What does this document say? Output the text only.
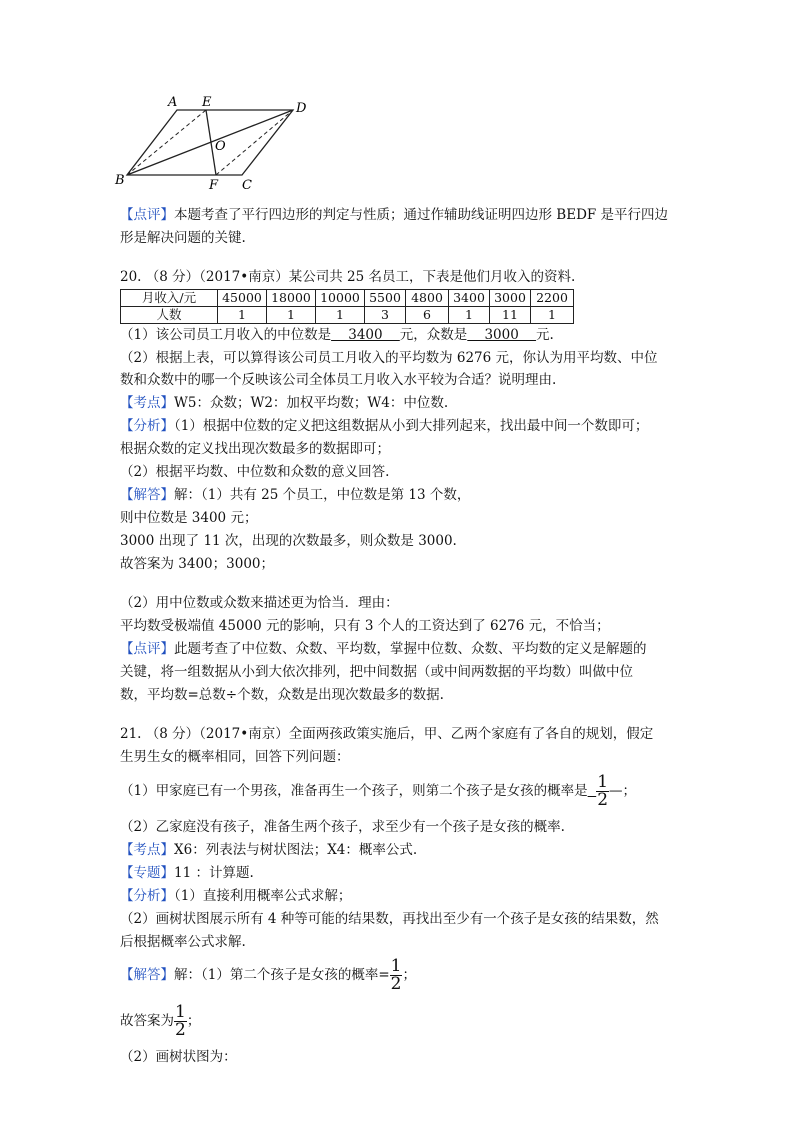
A E	D
O
B	F C
【点评】本题考查了平行四边形的判定与性质；通过作辅助线证明四边形 BEDF 是平行四边
形是解决问题的关键.
20. （8 分）（2017•南京）某公司共 25 名员工，下表是他们月收入的资料.
月收入/元	45000	18000	10000	5500	4800	3400	3000	2200
人数	1	1	1	3	6	1	11	1
（1）该公司员工月收入的中位数是    3400    元，众数是    3000    元.
（2）根据上表，可以算得该公司员工月收入的平均数为 6276 元，你认为用平均数、中位
数和众数中的哪一个反映该公司全体员工月收入水平较为合适？说明理由.
【考点】W5：众数；W2：加权平均数；W4：中位数.
【分析】（1）根据中位数的定义把这组数据从小到大排列起来，找出最中间一个数即可；
根据众数的定义找出现次数最多的数据即可；
（2）根据平均数、中位数和众数的意义回答.
【解答】解：（1）共有 25 个员工，中位数是第 13 个数，
则中位数是 3400 元；
3000 出现了 11 次，出现的次数最多，则众数是 3000.
故答案为 3400；3000；
（2）用中位数或众数来描述更为恰当．理由：
平均数受极端值 45000 元的影响，只有 3 个人的工资达到了 6276 元，不恰当；
【点评】此题考查了中位数、众数、平均数，掌握中位数、众数、平均数的定义是解题的
关键，将一组数据从小到大依次排列，把中间数据（或中间两数据的平均数）叫做中位
数，平均数=总数÷个数，众数是出现次数最多的数据.
21. （8 分）（2017•南京）全面两孩政策实施后，甲、乙两个家庭有了各自的规划，假定
生男生女的概率相同，回答下列问题：
（1）甲家庭已有一个男孩，准备再生一个孩子，则第二个孩子是女孩的概率是 $\frac{1}{2}$ —；
（2）乙家庭没有孩子，准备生两个孩子，求至少有一个孩子是女孩的概率.
【考点】X6：列表法与树状图法；X4：概率公式.
【专题】11 ：计算题.
【分析】（1）直接利用概率公式求解；
（2）画树状图展示所有 4 种等可能的结果数，再找出至少有一个孩子是女孩的结果数，然
后根据概率公式求解.
【解答】解：（1）第二个孩子是女孩的概率= $\frac{1}{2}$ ；
故答案为 $\frac{1}{2}$ ；
（2）画树状图为：
